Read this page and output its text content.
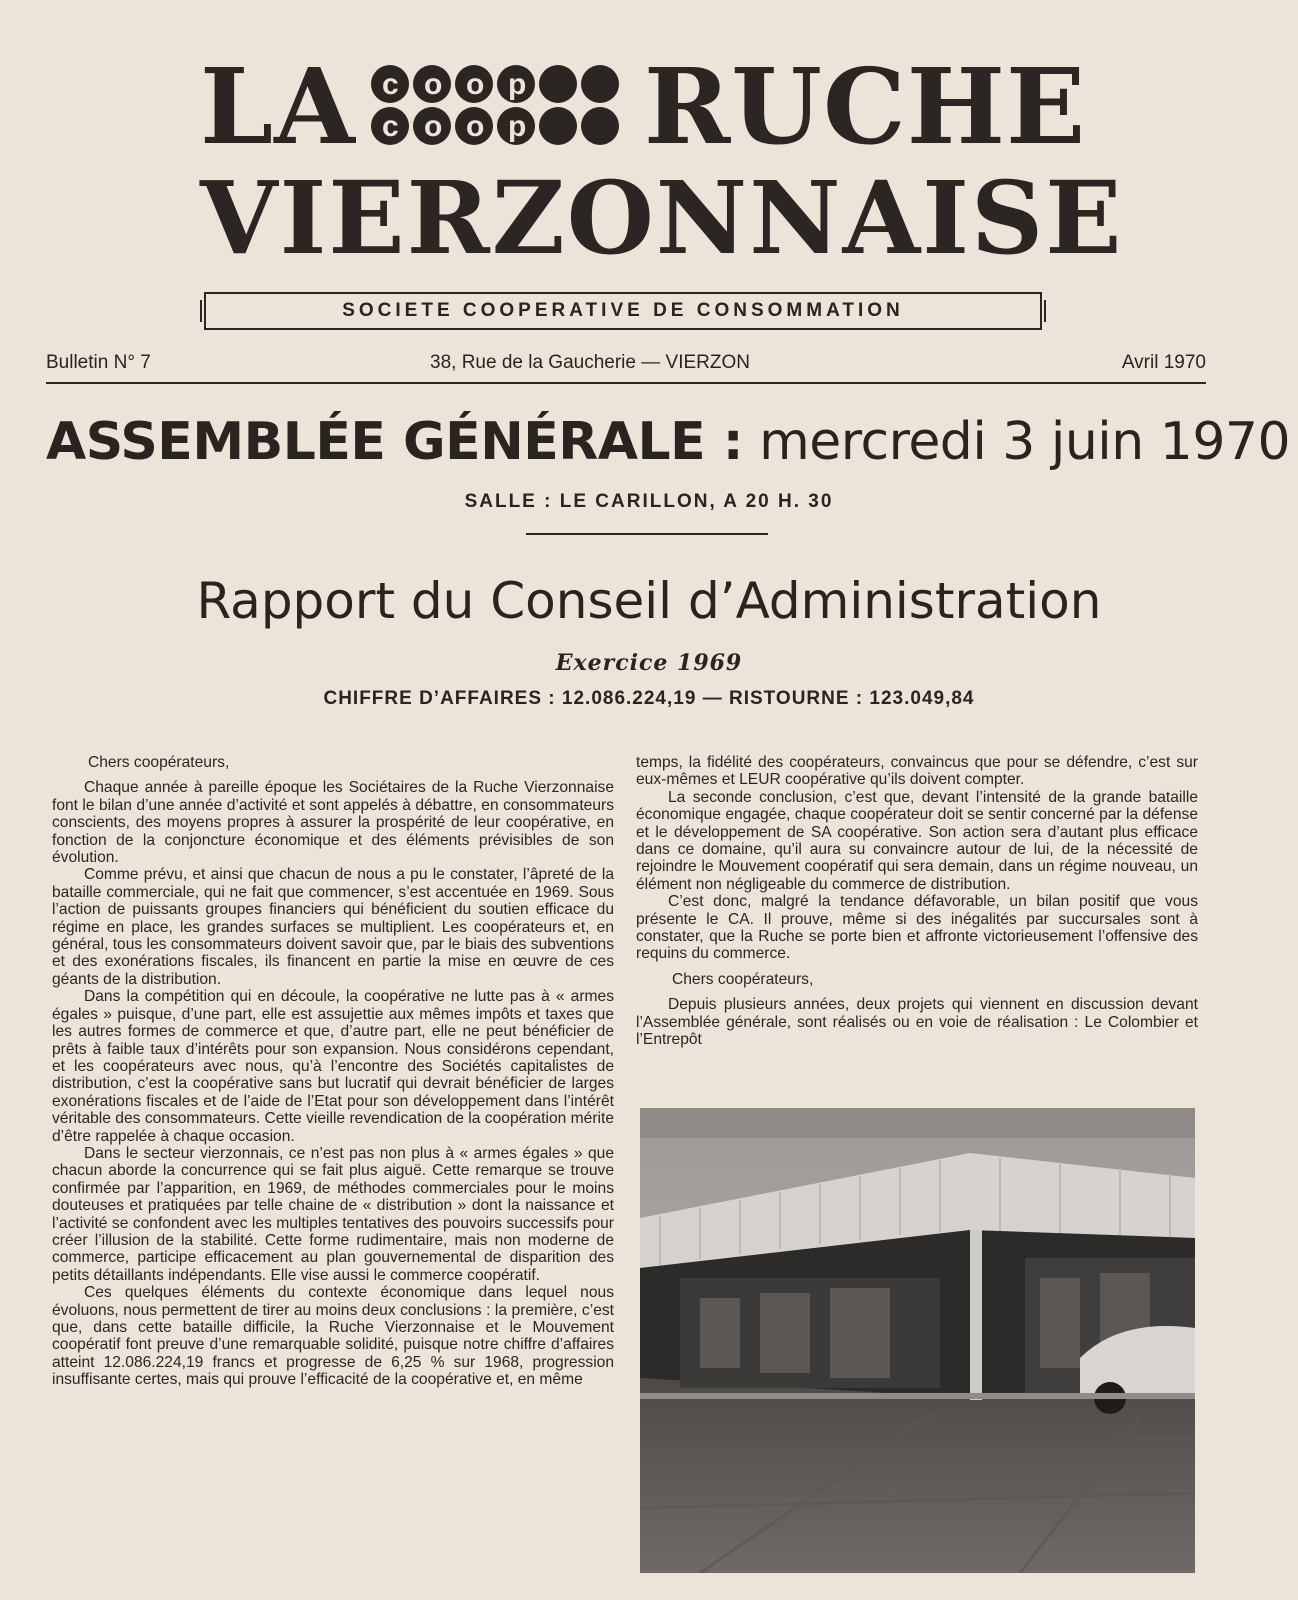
LA c o o p
c o o p RUCHE
VIERZONNAISE
SOCIETE COOPERATIVE DE CONSOMMATION
Bulletin N° 7	38, Rue de la Gaucherie — VIERZON	Avril 1970
ASSEMBLÉE GÉNÉRALE : mercredi 3 juin 1970
SALLE : LE CARILLON, A 20 H. 30
Rapport du Conseil d’Administration
Exercice 1969
CHIFFRE D’AFFAIRES : 12.086.224,19 — RISTOURNE : 123.049,84

Chers coopérateurs,

Chaque année à pareille époque les Sociétaires de la Ruche Vierzonnaise font le bilan d’une année d’activité et sont appelés à débattre, en consommateurs conscients, des moyens propres à assurer la prospérité de leur coopérative, en fonction de la conjoncture économique et des éléments prévisibles de son évolution.

Comme prévu, et ainsi que chacun de nous a pu le constater, l’âpreté de la bataille commerciale, qui ne fait que commencer, s’est accentuée en 1969. Sous l’action de puissants groupes financiers qui bénéficient du soutien efficace du régime en place, les grandes surfaces se multiplient. Les coopérateurs et, en général, tous les consommateurs doivent savoir que, par le biais des subventions et des exonérations fiscales, ils financent en partie la mise en œuvre de ces géants de la distribution.

Dans la compétition qui en découle, la coopérative ne lutte pas à « armes égales » puisque, d’une part, elle est assujettie aux mêmes impôts et taxes que les autres formes de commerce et que, d’autre part, elle ne peut bénéficier de prêts à faible taux d’intérêts pour son expansion. Nous considérons cependant, et les coopérateurs avec nous, qu’à l’encontre des Sociétés capitalistes de distribution, c’est la coopérative sans but lucratif qui devrait bénéficier de larges exonérations fiscales et de l’aide de l’Etat pour son développement dans l’intérêt véritable des consommateurs. Cette vieille revendication de la coopération mérite d’être rappelée à chaque occasion.

Dans le secteur vierzonnais, ce n’est pas non plus à « armes égales » que chacun aborde la concurrence qui se fait plus aiguë. Cette remarque se trouve confirmée par l’apparition, en 1969, de méthodes commerciales pour le moins douteuses et pratiquées par telle chaine de « distribution » dont la naissance et l’activité se confondent avec les multiples tentatives des pouvoirs successifs pour créer l’illusion de la stabilité. Cette forme rudimentaire, mais non moderne de commerce, participe efficacement au plan gouvernemental de disparition des petits détaillants indépendants. Elle vise aussi le commerce coopératif.

Ces quelques éléments du contexte économique dans lequel nous évoluons, nous permettent de tirer au moins deux conclusions : la première, c’est que, dans cette bataille difficile, la Ruche Vierzonnaise et le Mouvement coopératif font preuve d’une remarquable solidité, puisque notre chiffre d’affaires atteint 12.086.224,19 francs et progresse de 6,25 % sur 1968, progression insuffisante certes, mais qui prouve l’efficacité de la coopérative et, en même

temps, la fidélité des coopérateurs, convaincus que pour se défendre, c’est sur eux-mêmes et LEUR coopérative qu’ils doivent compter.

La seconde conclusion, c’est que, devant l’intensité de la grande bataille économique engagée, chaque coopérateur doit se sentir concerné par la défense et le développement de SA coopérative. Son action sera d’autant plus efficace dans ce domaine, qu’il aura su convaincre autour de lui, de la nécessité de rejoindre le Mouvement coopératif qui sera demain, dans un régime nouveau, un élément non négligeable du commerce de distribution.

C’est donc, malgré la tendance défavorable, un bilan positif que vous présente le CA. Il prouve, même si des inégalités par succursales sont à constater, que la Ruche se porte bien et affronte victorieusement l’offensive des requins du commerce.

Chers coopérateurs,

Depuis plusieurs années, deux projets qui viennent en discussion devant l’Assemblée générale, sont réalisés ou en voie de réalisation : Le Colombier et l’Entrepôt
